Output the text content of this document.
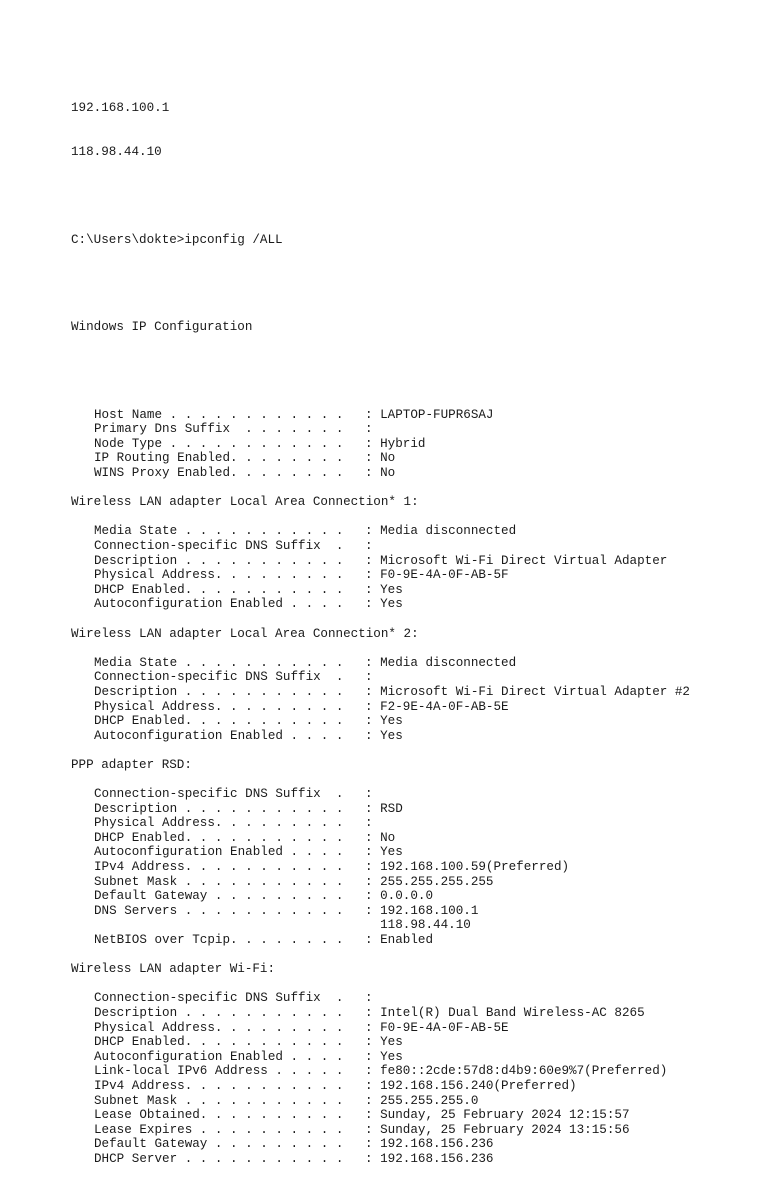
192.168.100.1

118.98.44.10

C:\Users\dokte>ipconfig /ALL

Windows IP Configuration

Host Name . . . . . . . . . . . .	: LAPTOP-FUPR6SAJ
Primary Dns Suffix  . . . . . . .	:
Node Type . . . . . . . . . . . .	: Hybrid
IP Routing Enabled. . . . . . . .	: No
WINS Proxy Enabled. . . . . . . .	: No
Wireless LAN adapter Local Area Connection* 1:
Media State . . . . . . . . . . .	: Media disconnected
Connection-specific DNS Suffix  .	:
Description . . . . . . . . . . .	: Microsoft Wi-Fi Direct Virtual Adapter
Physical Address. . . . . . . . .	: F0-9E-4A-0F-AB-5F
DHCP Enabled. . . . . . . . . . .	: Yes
Autoconfiguration Enabled . . . .	: Yes
Wireless LAN adapter Local Area Connection* 2:
Media State . . . . . . . . . . .	: Media disconnected
Connection-specific DNS Suffix  .	:
Description . . . . . . . . . . .	: Microsoft Wi-Fi Direct Virtual Adapter #2
Physical Address. . . . . . . . .	: F2-9E-4A-0F-AB-5E
DHCP Enabled. . . . . . . . . . .	: Yes
Autoconfiguration Enabled . . . .	: Yes
PPP adapter RSD:
Connection-specific DNS Suffix  .	:
Description . . . . . . . . . . .	: RSD
Physical Address. . . . . . . . .	:
DHCP Enabled. . . . . . . . . . .	: No
Autoconfiguration Enabled . . . .	: Yes
IPv4 Address. . . . . . . . . . .	: 192.168.100.59(Preferred)
Subnet Mask . . . . . . . . . . .	: 255.255.255.255
Default Gateway . . . . . . . . .	: 0.0.0.0
DNS Servers . . . . . . . . . . .	: 192.168.100.1

118.98.44.10
NetBIOS over Tcpip. . . . . . . .	: Enabled
Wireless LAN adapter Wi-Fi:
Connection-specific DNS Suffix  .	:
Description . . . . . . . . . . .	: Intel(R) Dual Band Wireless-AC 8265
Physical Address. . . . . . . . .	: F0-9E-4A-0F-AB-5E
DHCP Enabled. . . . . . . . . . .	: Yes
Autoconfiguration Enabled . . . .	: Yes
Link-local IPv6 Address . . . . .	: fe80::2cde:57d8:d4b9:60e9%7(Preferred)
IPv4 Address. . . . . . . . . . .	: 192.168.156.240(Preferred)
Subnet Mask . . . . . . . . . . .	: 255.255.255.0
Lease Obtained. . . . . . . . . .	: Sunday, 25 February 2024 12:15:57
Lease Expires . . . . . . . . . .	: Sunday, 25 February 2024 13:15:56
Default Gateway . . . . . . . . .	: 192.168.156.236
DHCP Server . . . . . . . . . . .	: 192.168.156.236
